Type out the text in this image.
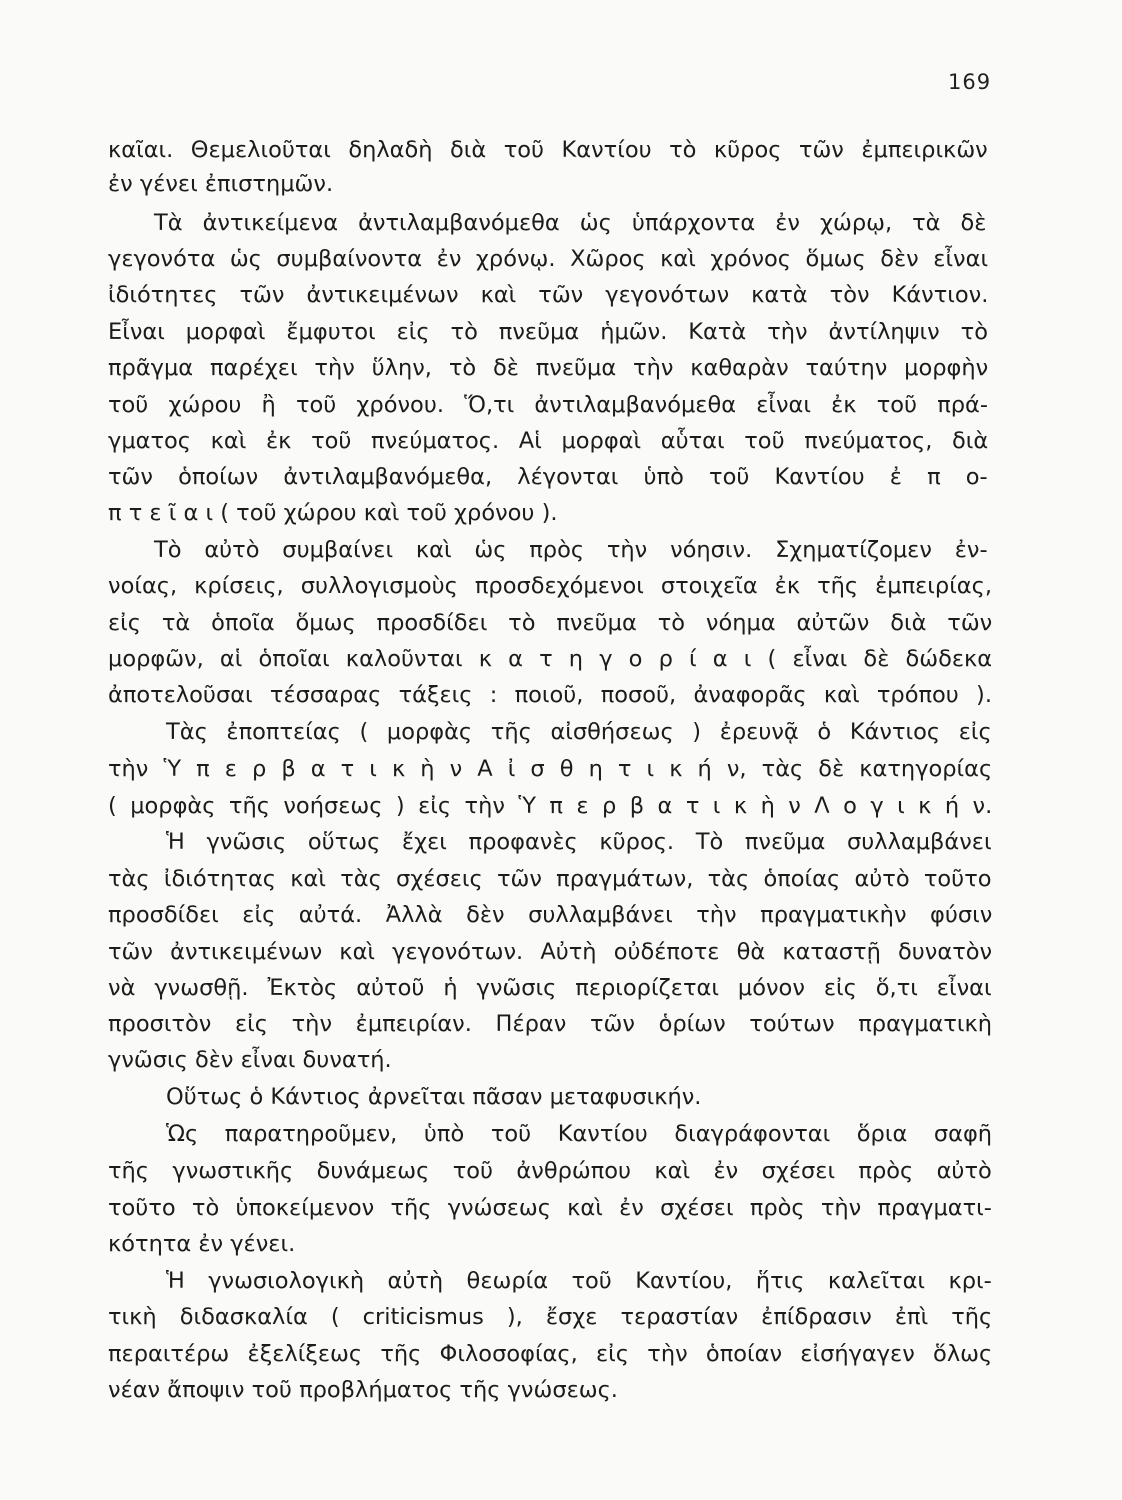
169
καῖαι. Θεμελιοῦται δηλαδὴ διὰ τοῦ Καντίου τὸ κῦρος τῶν ἐμπειρικῶν
ἐν γένει ἐπιστημῶν.
Τὰ ἀντικείμενα ἀντιλαμβανόμεθα ὡς ὑπάρχοντα ἐν χώρῳ, τὰ δὲ
γεγονότα ὡς συμβαίνοντα ἐν χρόνῳ. Χῶρος καὶ χρόνος ὅμως δὲν εἶναι
ἰδιότητες τῶν ἀντικειμένων καὶ τῶν γεγονότων κατὰ τὸν Κάντιον.
Εἶναι μορφαὶ ἔμφυτοι εἰς τὸ πνεῦμα ἡμῶν. Κατὰ τὴν ἀντίληψιν τὸ
πρᾶγμα παρέχει τὴν ὕλην, τὸ δὲ πνεῦμα τὴν καθαρὰν ταύτην μορφὴν
τοῦ χώρου ἢ τοῦ χρόνου. Ὅ,τι ἀντιλαμβανόμεθα εἶναι ἐκ τοῦ πρά-
γματος καὶ ἐκ τοῦ πνεύματος. Αἱ μορφαὶ αὗται τοῦ πνεύματος, διὰ
τῶν ὁποίων ἀντιλαμβανόμεθα, λέγονται ὑπὸ τοῦ Καντίου ἐ π ο-
π τ ε ῖ α ι ( τοῦ χώρου καὶ τοῦ χρόνου ).
Τὸ αὐτὸ συμβαίνει καὶ ὡς πρὸς τὴν νόησιν. Σχηματίζομεν ἐν-
νοίας, κρίσεις, συλλογισμοὺς προσδεχόμενοι στοιχεῖα ἐκ τῆς ἐμπειρίας,
εἰς τὰ ὁποῖα ὅμως προσδίδει τὸ πνεῦμα τὸ νόημα αὐτῶν διὰ τῶν
μορφῶν, αἱ ὁποῖαι καλοῦνται κ α τ η γ ο ρ ί α ι ( εἶναι δὲ δώδεκα
ἀποτελοῦσαι τέσσαρας τάξεις : ποιοῦ, ποσοῦ, ἀναφορᾶς καὶ τρόπου ).
Τὰς ἐποπτείας ( μορφὰς τῆς αἰσθήσεως ) ἐρευνᾷ ὁ Κάντιος εἰς
τὴν Ὑ π ε ρ β α τ ι κ ὴ ν Α ἰ σ θ η τ ι κ ή ν, τὰς δὲ κατηγορίας
( μορφὰς τῆς νοήσεως ) εἰς τὴν Ὑ π ε ρ β α τ ι κ ὴ ν Λ ο γ ι κ ή ν.
Ἡ γνῶσις οὕτως ἔχει προφανὲς κῦρος. Τὸ πνεῦμα συλλαμβάνει
τὰς ἰδιότητας καὶ τὰς σχέσεις τῶν πραγμάτων, τὰς ὁποίας αὐτὸ τοῦτο
προσδίδει εἰς αὐτά. Ἀλλὰ δὲν συλλαμβάνει τὴν πραγματικὴν φύσιν
τῶν ἀντικειμένων καὶ γεγονότων. Αὐτὴ οὐδέποτε θὰ καταστῇ δυνατὸν
νὰ γνωσθῇ. Ἐκτὸς αὐτοῦ ἡ γνῶσις περιορίζεται μόνον εἰς ὅ,τι εἶναι
προσιτὸν εἰς τὴν ἐμπειρίαν. Πέραν τῶν ὁρίων τούτων πραγματικὴ
γνῶσις δὲν εἶναι δυνατή.
Οὕτως ὁ Κάντιος ἀρνεῖται πᾶσαν μεταφυσικήν.
Ὡς παρατηροῦμεν, ὑπὸ τοῦ Καντίου διαγράφονται ὅρια σαφῆ
τῆς γνωστικῆς δυνάμεως τοῦ ἀνθρώπου καὶ ἐν σχέσει πρὸς αὐτὸ
τοῦτο τὸ ὑποκείμενον τῆς γνώσεως καὶ ἐν σχέσει πρὸς τὴν πραγματι-
κότητα ἐν γένει.
Ἡ γνωσιολογικὴ αὐτὴ θεωρία τοῦ Καντίου, ἥτις καλεῖται κρι-
τικὴ διδασκαλία ( criticismus ), ἔσχε τεραστίαν ἐπίδρασιν ἐπὶ τῆς
περαιτέρω ἐξελίξεως τῆς Φιλοσοφίας, εἰς τὴν ὁποίαν εἰσήγαγεν ὅλως
νέαν ἄποψιν τοῦ προβλήματος τῆς γνώσεως.
